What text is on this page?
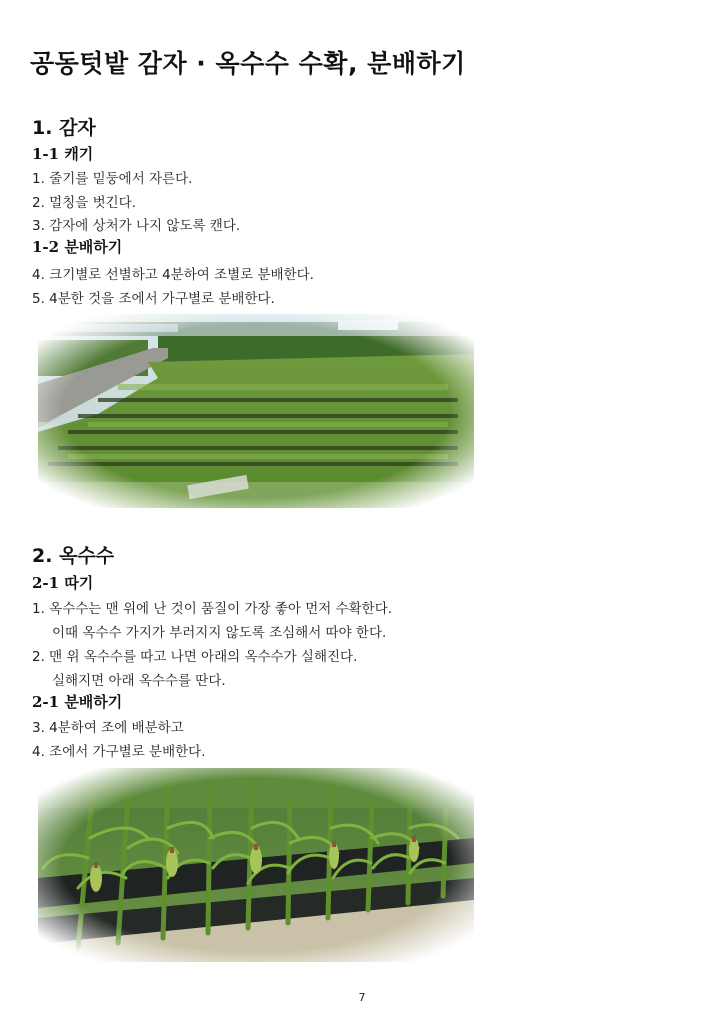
공동텃밭 감자 · 옥수수 수확, 분배하기
1. 감자
1-1 캐기

1. 줄기를 밑둥에서 자른다.

2. 멀칭을 벗긴다.

3. 감자에 상처가 나지 않도록 캔다.

1-2 분배하기

4. 크기별로 선별하고 4분하여 조별로 분배한다.

5. 4분한 것을 조에서 가구별로 분배한다.

2. 옥수수
2-1 따기

1. 옥수수는 맨 위에 난 것이 품질이 가장 좋아 먼저 수확한다.

이때 옥수수 가지가 부러지지 않도록 조심해서 따야 한다.

2. 맨 위 옥수수를 따고 나면 아래의 옥수수가 실해진다.

실해지면 아래 옥수수를 딴다.

2-1 분배하기

3. 4분하여 조에 배분하고

4. 조에서 가구별로 분배한다.

7
